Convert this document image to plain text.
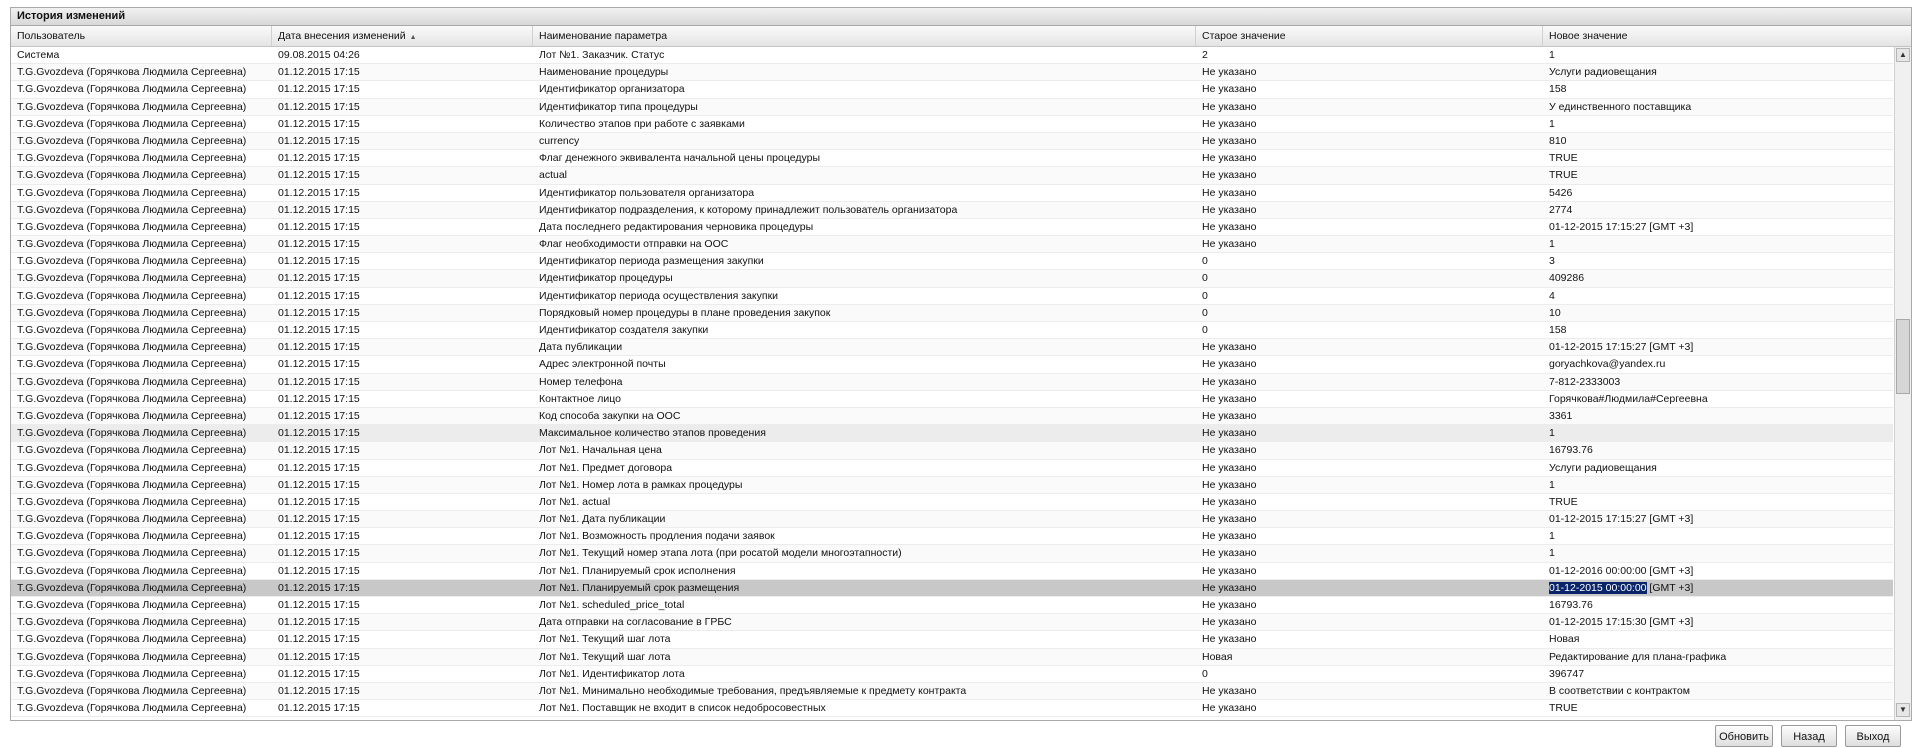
История изменений
Пользователь	Дата внесения изменений ▲	Наименование параметра	Старое значение	Новое значение
Система	09.08.2015 04:26	Лот №1. Заказчик. Статус	2	1
T.G.Gvozdeva (Горячкова Людмила Сергеевна)	01.12.2015 17:15	Наименование процедуры	Не указано	Услуги радиовещания
T.G.Gvozdeva (Горячкова Людмила Сергеевна)	01.12.2015 17:15	Идентификатор организатора	Не указано	158
T.G.Gvozdeva (Горячкова Людмила Сергеевна)	01.12.2015 17:15	Идентификатор типа процедуры	Не указано	У единственного поставщика
T.G.Gvozdeva (Горячкова Людмила Сергеевна)	01.12.2015 17:15	Количество этапов при работе с заявками	Не указано	1
T.G.Gvozdeva (Горячкова Людмила Сергеевна)	01.12.2015 17:15	currency	Не указано	810
T.G.Gvozdeva (Горячкова Людмила Сергеевна)	01.12.2015 17:15	Флаг денежного эквивалента начальной цены процедуры	Не указано	TRUE
T.G.Gvozdeva (Горячкова Людмила Сергеевна)	01.12.2015 17:15	actual	Не указано	TRUE
T.G.Gvozdeva (Горячкова Людмила Сергеевна)	01.12.2015 17:15	Идентификатор пользователя организатора	Не указано	5426
T.G.Gvozdeva (Горячкова Людмила Сергеевна)	01.12.2015 17:15	Идентификатор подразделения, к которому принадлежит пользователь организатора	Не указано	2774
T.G.Gvozdeva (Горячкова Людмила Сергеевна)	01.12.2015 17:15	Дата последнего редактирования черновика процедуры	Не указано	01-12-2015 17:15:27 [GMT +3]
T.G.Gvozdeva (Горячкова Людмила Сергеевна)	01.12.2015 17:15	Флаг необходимости отправки на ООС	Не указано	1
T.G.Gvozdeva (Горячкова Людмила Сергеевна)	01.12.2015 17:15	Идентификатор периода размещения закупки	0	3
T.G.Gvozdeva (Горячкова Людмила Сергеевна)	01.12.2015 17:15	Идентификатор процедуры	0	409286
T.G.Gvozdeva (Горячкова Людмила Сергеевна)	01.12.2015 17:15	Идентификатор периода осуществления закупки	0	4
T.G.Gvozdeva (Горячкова Людмила Сергеевна)	01.12.2015 17:15	Порядковый номер процедуры в плане проведения закупок	0	10
T.G.Gvozdeva (Горячкова Людмила Сергеевна)	01.12.2015 17:15	Идентификатор создателя закупки	0	158
T.G.Gvozdeva (Горячкова Людмила Сергеевна)	01.12.2015 17:15	Дата публикации	Не указано	01-12-2015 17:15:27 [GMT +3]
T.G.Gvozdeva (Горячкова Людмила Сергеевна)	01.12.2015 17:15	Адрес электронной почты	Не указано	goryachkova@yandex.ru
T.G.Gvozdeva (Горячкова Людмила Сергеевна)	01.12.2015 17:15	Номер телефона	Не указано	7-812-2333003
T.G.Gvozdeva (Горячкова Людмила Сергеевна)	01.12.2015 17:15	Контактное лицо	Не указано	Горячкова#Людмила#Сергеевна
T.G.Gvozdeva (Горячкова Людмила Сергеевна)	01.12.2015 17:15	Код способа закупки на ООС	Не указано	3361
T.G.Gvozdeva (Горячкова Людмила Сергеевна)	01.12.2015 17:15	Максимальное количество этапов проведения	Не указано	1
T.G.Gvozdeva (Горячкова Людмила Сергеевна)	01.12.2015 17:15	Лот №1. Начальная цена	Не указано	16793.76
T.G.Gvozdeva (Горячкова Людмила Сергеевна)	01.12.2015 17:15	Лот №1. Предмет договора	Не указано	Услуги радиовещания
T.G.Gvozdeva (Горячкова Людмила Сергеевна)	01.12.2015 17:15	Лот №1. Номер лота в рамках процедуры	Не указано	1
T.G.Gvozdeva (Горячкова Людмила Сергеевна)	01.12.2015 17:15	Лот №1. actual	Не указано	TRUE
T.G.Gvozdeva (Горячкова Людмила Сергеевна)	01.12.2015 17:15	Лот №1. Дата публикации	Не указано	01-12-2015 17:15:27 [GMT +3]
T.G.Gvozdeva (Горячкова Людмила Сергеевна)	01.12.2015 17:15	Лот №1. Возможность продления подачи заявок	Не указано	1
T.G.Gvozdeva (Горячкова Людмила Сергеевна)	01.12.2015 17:15	Лот №1. Текущий номер этапа лота (при росатой модели многоэтапности)	Не указано	1
T.G.Gvozdeva (Горячкова Людмила Сергеевна)	01.12.2015 17:15	Лот №1. Планируемый срок исполнения	Не указано	01-12-2016 00:00:00 [GMT +3]
T.G.Gvozdeva (Горячкова Людмила Сергеевна)	01.12.2015 17:15	Лот №1. Планируемый срок размещения	Не указано	01-12-2015 00:00:00 [GMT +3]
T.G.Gvozdeva (Горячкова Людмила Сергеевна)	01.12.2015 17:15	Лот №1. scheduled_price_total	Не указано	16793.76
T.G.Gvozdeva (Горячкова Людмила Сергеевна)	01.12.2015 17:15	Дата отправки на согласование в ГРБС	Не указано	01-12-2015 17:15:30 [GMT +3]
T.G.Gvozdeva (Горячкова Людмила Сергеевна)	01.12.2015 17:15	Лот №1. Текущий шаг лота	Не указано	Новая
T.G.Gvozdeva (Горячкова Людмила Сергеевна)	01.12.2015 17:15	Лот №1. Текущий шаг лота	Новая	Редактирование для плана-графика
T.G.Gvozdeva (Горячкова Людмила Сергеевна)	01.12.2015 17:15	Лот №1. Идентификатор лота	0	396747
T.G.Gvozdeva (Горячкова Людмила Сергеевна)	01.12.2015 17:15	Лот №1. Минимально необходимые требования, предъявляемые к предмету контракта	Не указано	В соответствии с контрактом
T.G.Gvozdeva (Горячкова Людмила Сергеевна)	01.12.2015 17:15	Лот №1. Поставщик не входит в список недобросовестных	Не указано	TRUE
▲
▼
Обновить	Назад	Выход
